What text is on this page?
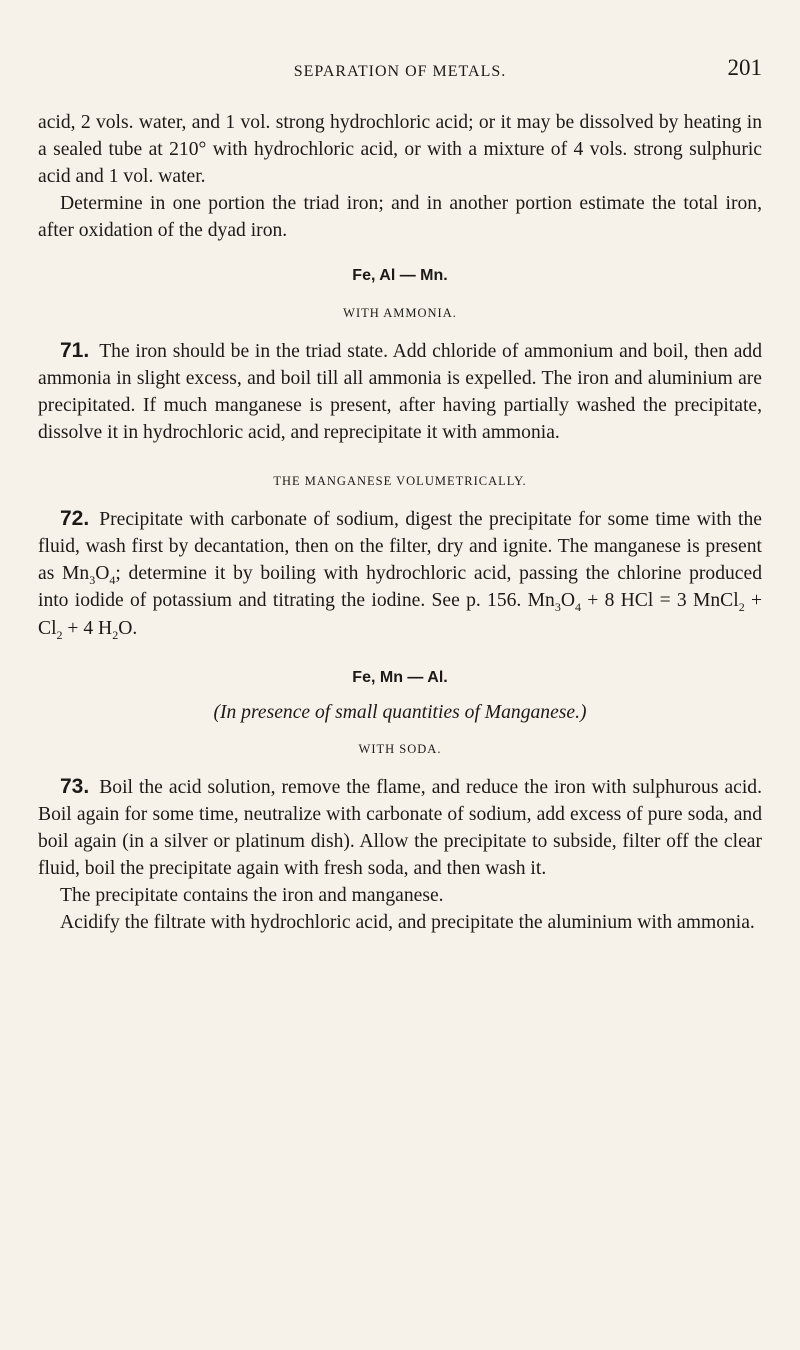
SEPARATION OF METALS.	201

acid, 2 vols. water, and 1 vol. strong hydrochloric acid; or it may be dissolved by heating in a sealed tube at 210° with hydrochloric acid, or with a mixture of 4 vols. strong sulphuric acid and 1 vol. water.

Determine in one portion the triad iron; and in another portion estimate the total iron, after oxidation of the dyad iron.

Fe, Al — Mn.
WITH AMMONIA.

71. The iron should be in the triad state. Add chloride of ammonium and boil, then add ammonia in slight excess, and boil till all ammonia is expelled. The iron and aluminium are precipitated. If much manganese is present, after having partially washed the precipitate, dissolve it in hydrochloric acid, and reprecipitate it with ammonia.

THE MANGANESE VOLUMETRICALLY.

72. Precipitate with carbonate of sodium, digest the precipitate for some time with the fluid, wash first by decantation, then on the filter, dry and ignite. The manganese is present as $Mn_3O_4$; determine it by boiling with hydrochloric acid, passing the chlorine produced into iodide of potassium and titrating the iodine. See p. 156. $Mn_3O_4 + 8$ HCl = 3 MnCl$_2$ + $Cl_2 + 4$ $H_2O$.

Fe, Mn — Al.
(In presence of small quantities of Manganese.)
WITH SODA.

73. Boil the acid solution, remove the flame, and reduce the iron with sulphurous acid. Boil again for some time, neutralize with carbonate of sodium, add excess of pure soda, and boil again (in a silver or platinum dish). Allow the precipitate to subside, filter off the clear fluid, boil the precipitate again with fresh soda, and then wash it.

The precipitate contains the iron and manganese.

Acidify the filtrate with hydrochloric acid, and precipitate the aluminium with ammonia.
